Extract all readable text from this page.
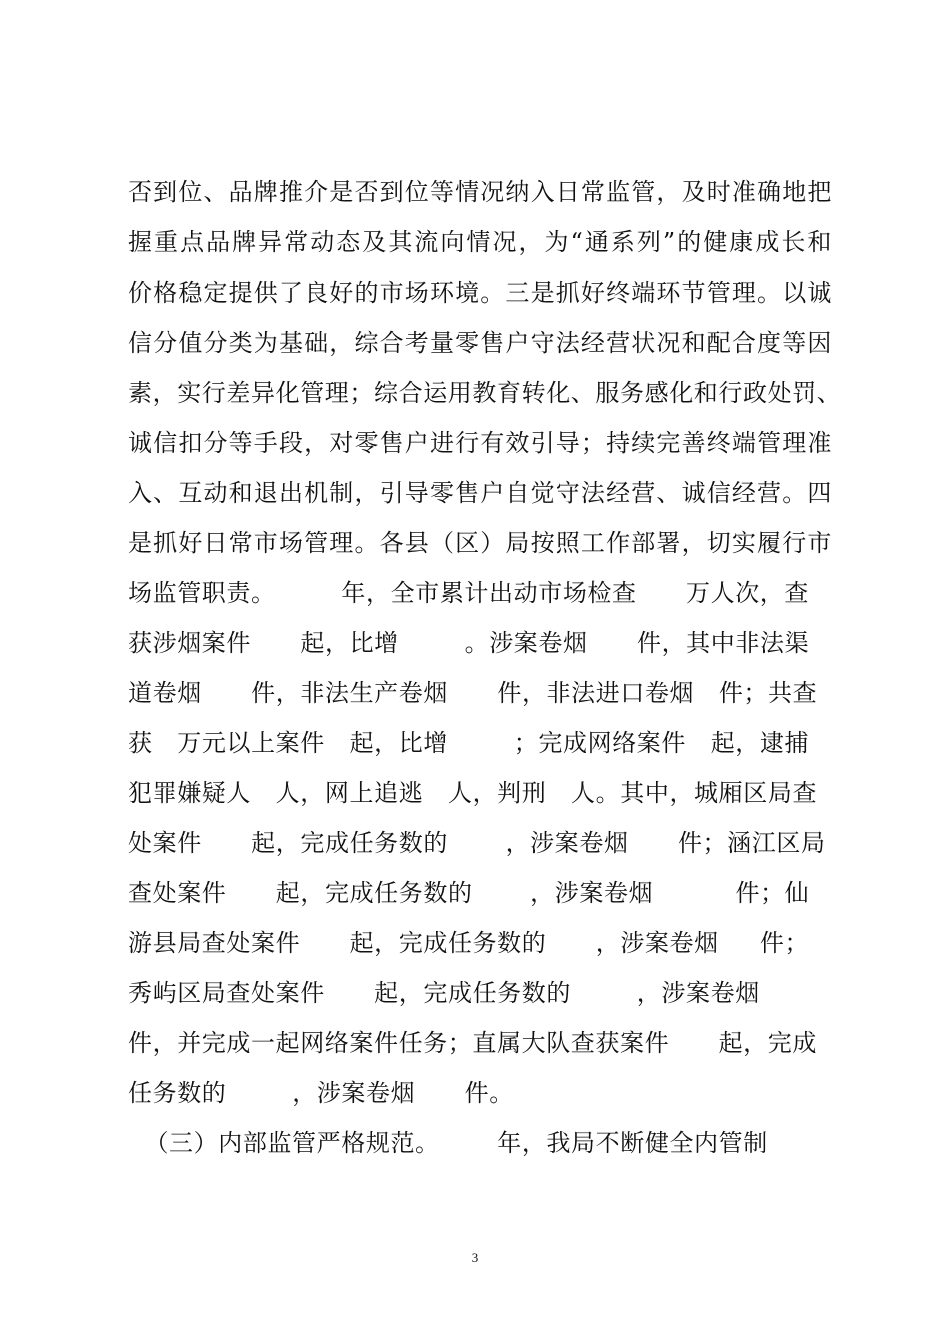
否到位、品牌推介是否到位等情况纳入日常监管，及时准确地把
握重点品牌异常动态及其流向情况，为“通系列”的健康成长和
价格稳定提供了良好的市场环境。三是抓好终端环节管理。以诚
信分值分类为基础，综合考量零售户守法经营状况和配合度等因
素，实行差异化管理；综合运用教育转化、服务感化和行政处罚、
诚信扣分等手段，对零售户进行有效引导；持续完善终端管理准
入、互动和退出机制，引导零售户自觉守法经营、诚信经营。四
是抓好日常市场管理。各县（区）局按照工作部署，切实履行市
场监管职责。        年，全市累计出动市场检查      万人次，查
获涉烟案件      起，比增        。涉案卷烟      件，其中非法渠
道卷烟      件，非法生产卷烟      件，非法进口卷烟   件；共查
获   万元以上案件   起，比增        ；完成网络案件   起，逮捕
犯罪嫌疑人   人，网上追逃   人，判刑   人。其中，城厢区局查
处案件      起，完成任务数的       ，涉案卷烟      件；涵江区局
查处案件      起，完成任务数的       ，涉案卷烟          件；仙
游县局查处案件      起，完成任务数的      ，涉案卷烟     件；
秀屿区局查处案件      起，完成任务数的        ，涉案卷烟
件，并完成一起网络案件任务；直属大队查获案件      起，完成
任务数的        ，涉案卷烟      件。
（三）内部监管严格规范。       年，我局不断健全内管制
3
